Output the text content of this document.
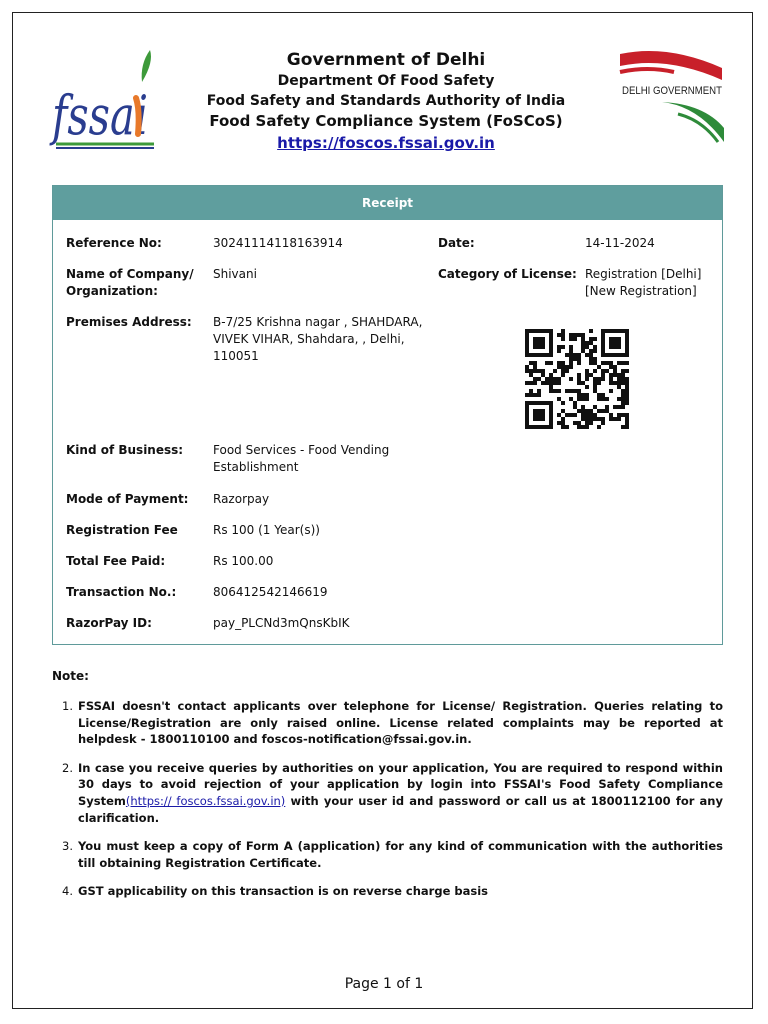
fssai
Government of Delhi
Department Of Food Safety
Food Safety and Standards Authority of India
Food Safety Compliance System (FoSCoS)
https://foscos.fssai.gov.in
DELHI GOVERNMENT
Receipt
Reference No:	30241114118163914	Date:	14-11-2024
Name of Company/
Organization:
Shivani	Category of License: Registration [Delhi]
[New Registration]
Premises Address: B-7/25 Krishna nagar , SHAHDARA,
VIVEK VIHAR, Shahdara, , Delhi,
110051
Kind of Business: Food Services - Food Vending
Establishment
Mode of Payment: Razorpay
Registration Fee	Rs 100 (1 Year(s))
Total Fee Paid:	Rs 100.00
Transaction No.:	806412542146619
RazorPay ID:	pay_PLCNd3mQnsKbIK
Note:
1. FSSAI doesn't contact applicants over telephone for License/ Registration. Queries relating to License/Registration are only raised online. License related complaints may be reported at helpdesk - 1800110100 and foscos-notification@fssai.gov.in.
2. In case you receive queries by authorities on your application, You are required to respond within 30 days to avoid rejection of your application by login into FSSAI's Food Safety Compliance System(https:// foscos.fssai.gov.in) with your user id and password or call us at 1800112100 for any clarification.
3. You must keep a copy of Form A (application) for any kind of communication with the authorities till obtaining Registration Certificate.
4. GST applicability on this transaction is on reverse charge basis
Page 1 of 1
